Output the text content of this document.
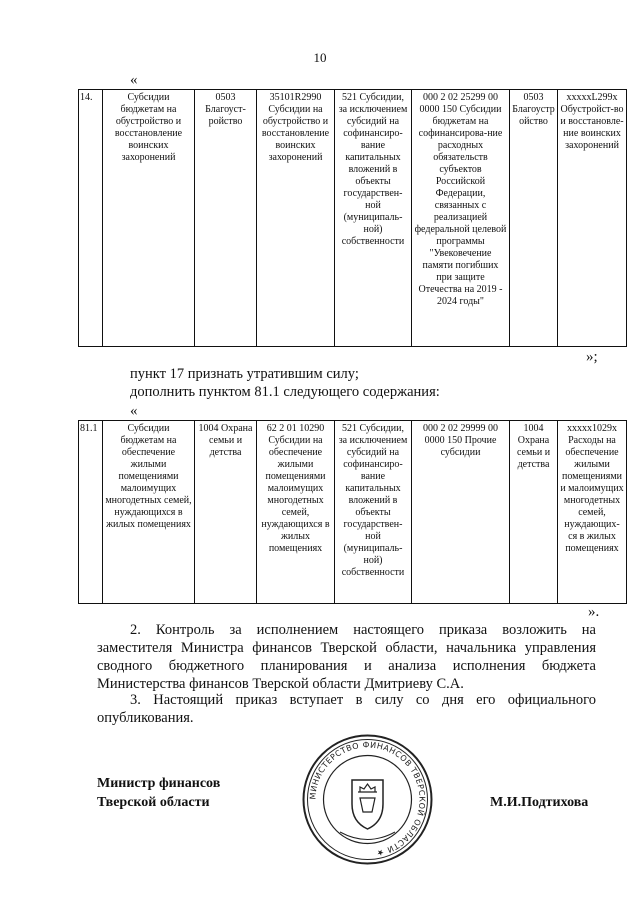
10
«
14.	Субсидии бюджетам на обустройство и восстановление воинских захоронений	0503 Благоуст-ройство	35101R2990 Субсидии на обустройство и восстановление воинских захоронений	521 Субсидии, за исключением субсидий на софинансиро-вание капитальных вложений в объекты государствен-ной (муниципаль-ной) собственности	000 2 02 25299 00 0000 150 Субсидии бюджетам на софинансирова-ние расходных обязательств субъектов Российской Федерации, связанных с реализацией федеральной целевой программы "Увековечение памяти погибших при защите Отечества на 2019 - 2024 годы"	0503 Благоустр ойство	xxxxxL299x Обустройст-во и восстановле-ние воинских захоронений
»;
пункт 17 признать утратившим силу;
дополнить пунктом 81.1 следующего содержания:
«
81.1	Субсидии бюджетам на обеспечение жилыми помещениями малоимущих многодетных семей, нуждающихся в жилых помещениях	1004 Охрана семьи и детства	62 2 01 10290 Субсидии на обеспечение жилыми помещениями малоимущих многодетных семей, нуждающихся в жилых помещениях	521 Субсидии, за исключением субсидий на софинансиро-вание капитальных вложений в объекты государствен-ной (муниципаль-ной) собственности	000 2 02 29999 00 0000 150 Прочие субсидии	1004 Охрана семьи и детства	xxxxx1029x Расходы на обеспечение жилыми помещениями и малоимущих многодетных семей, нуждающих-ся в жилых помещениях
».
2. Контроль за исполнением настоящего приказа возложить на
заместителя Министра финансов Тверской области, начальника управления
сводного бюджетного планирования и анализа исполнения бюджета
Министерства финансов Тверской области Дмитриеву С.А.
3. Настоящий приказ вступает в силу со дня его официального
опубликования.
Министр финансов
Тверской области	М.И.Подтихова
МИНИСТЕРСТВО ФИНАНСОВ ТВЕРСКОЙ ОБЛАСТИ ★
